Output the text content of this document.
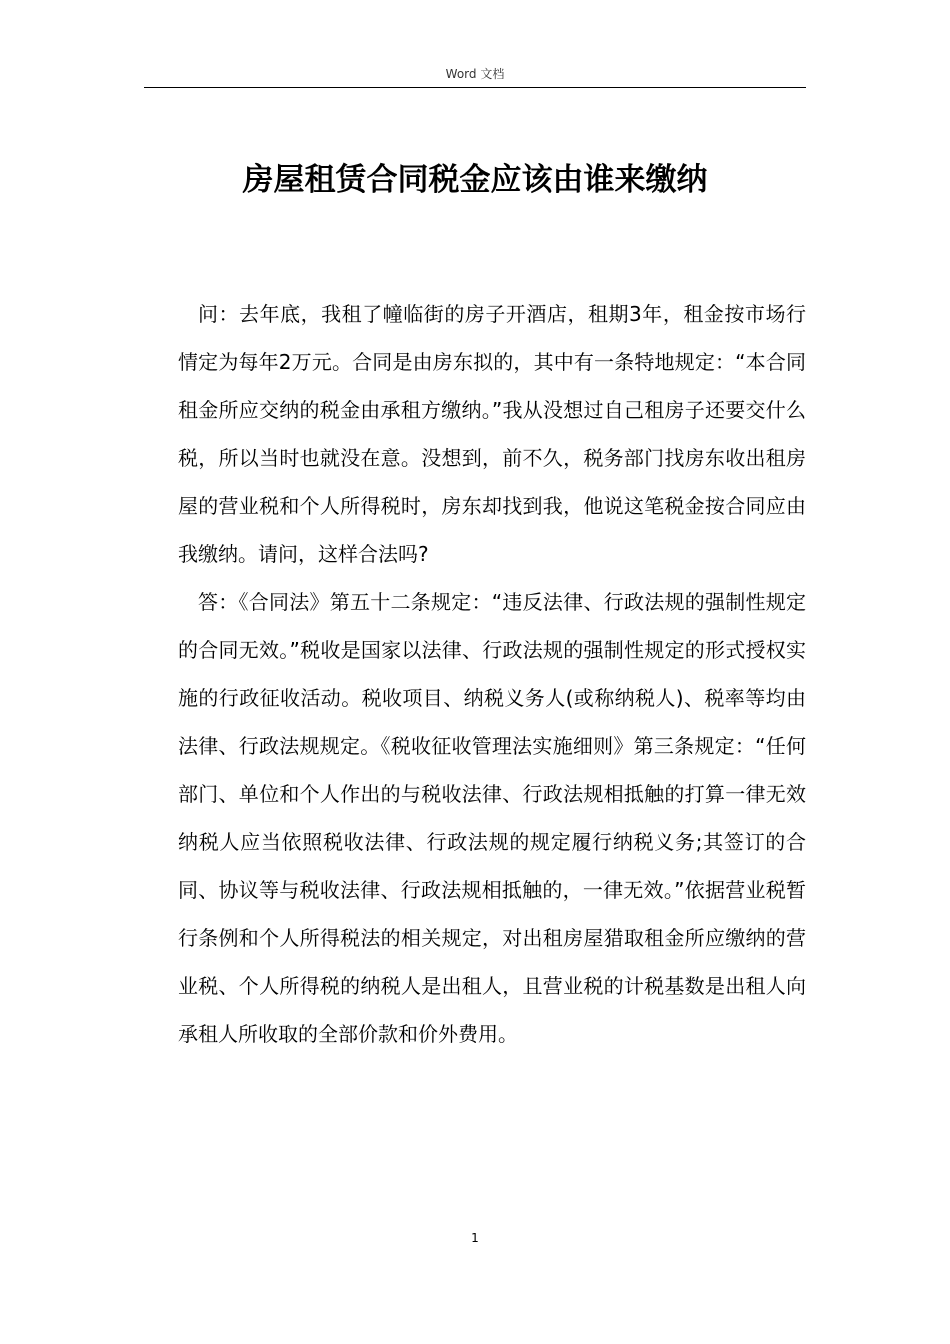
Word 文档
房屋租赁合同税金应该由谁来缴纳

问：去年底，我租了幢临街的房子开酒店，租期3年，租金按市场行情定为每年2万元。合同是由房东拟的，其中有一条特地规定：“本合同租金所应交纳的税金由承租方缴纳。”我从没想过自己租房子还要交什么税，所以当时也就没在意。没想到，前不久，税务部门找房东收出租房屋的营业税和个人所得税时，房东却找到我，他说这笔税金按合同应由我缴纳。请问，这样合法吗?

答：《合同法》第五十二条规定：“违反法律、行政法规的强制性规定的合同无效。”税收是国家以法律、行政法规的强制性规定的形式授权实施的行政征收活动。税收项目、纳税义务人(或称纳税人)、税率等均由法律、行政法规规定。《税收征收管理法实施细则》第三条规定：“任何部门、单位和个人作出的与税收法律、行政法规相抵触的打算一律无效纳税人应当依照税收法律、行政法规的规定履行纳税义务;其签订的合同、协议等与税收法律、行政法规相抵触的，一律无效。”依据营业税暂行条例和个人所得税法的相关规定，对出租房屋猎取租金所应缴纳的营业税、个人所得税的纳税人是出租人，且营业税的计税基数是出租人向承租人所收取的全部价款和价外费用。

1
